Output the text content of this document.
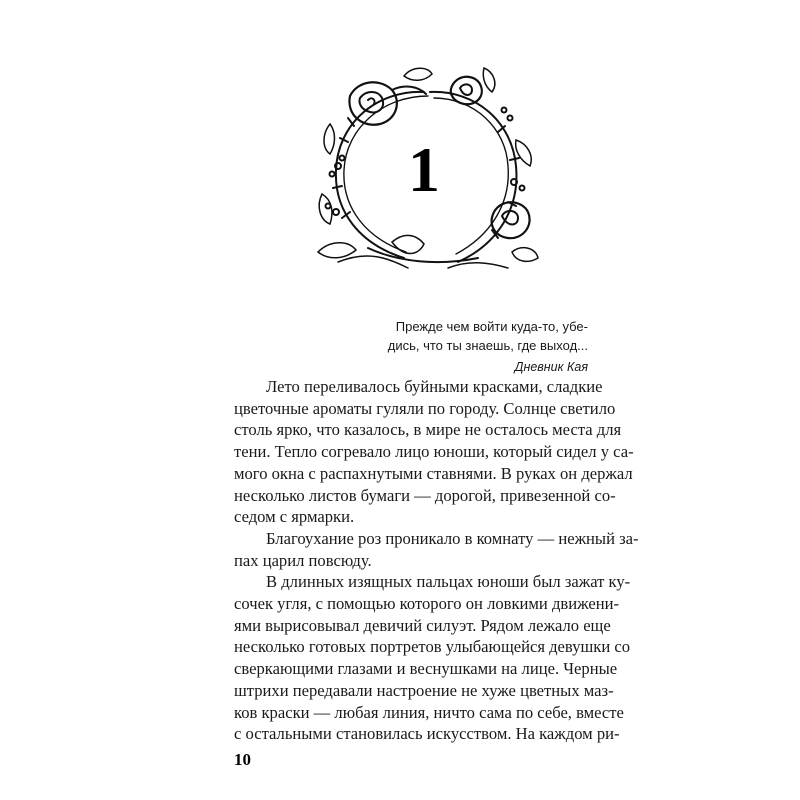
1

Прежде чем войти куда-то, убе-

дись, что ты знаешь, где выход...

Дневник Кая

Лето переливалось буйными красками, сладкие

цветочные ароматы гуляли по городу. Солнце светило

столь ярко, что казалось, в мире не осталось места для

тени. Тепло согревало лицо юноши, который сидел у са-

мого окна с распахнутыми ставнями. В руках он держал

несколько листов бумаги — дорогой, привезенной со-

седом с ярмарки.

Благоухание роз проникало в комнату — нежный за-

пах царил повсюду.

В длинных изящных пальцах юноши был зажат ку-

сочек угля, с помощью которого он ловкими движени-

ями вырисовывал девичий силуэт. Рядом лежало еще

несколько готовых портретов улыбающейся девушки со

сверкающими глазами и веснушками на лице. Черные

штрихи передавали настроение не хуже цветных маз-

ков краски — любая линия, ничто сама по себе, вместе

с остальными становилась искусством. На каждом ри-

10
